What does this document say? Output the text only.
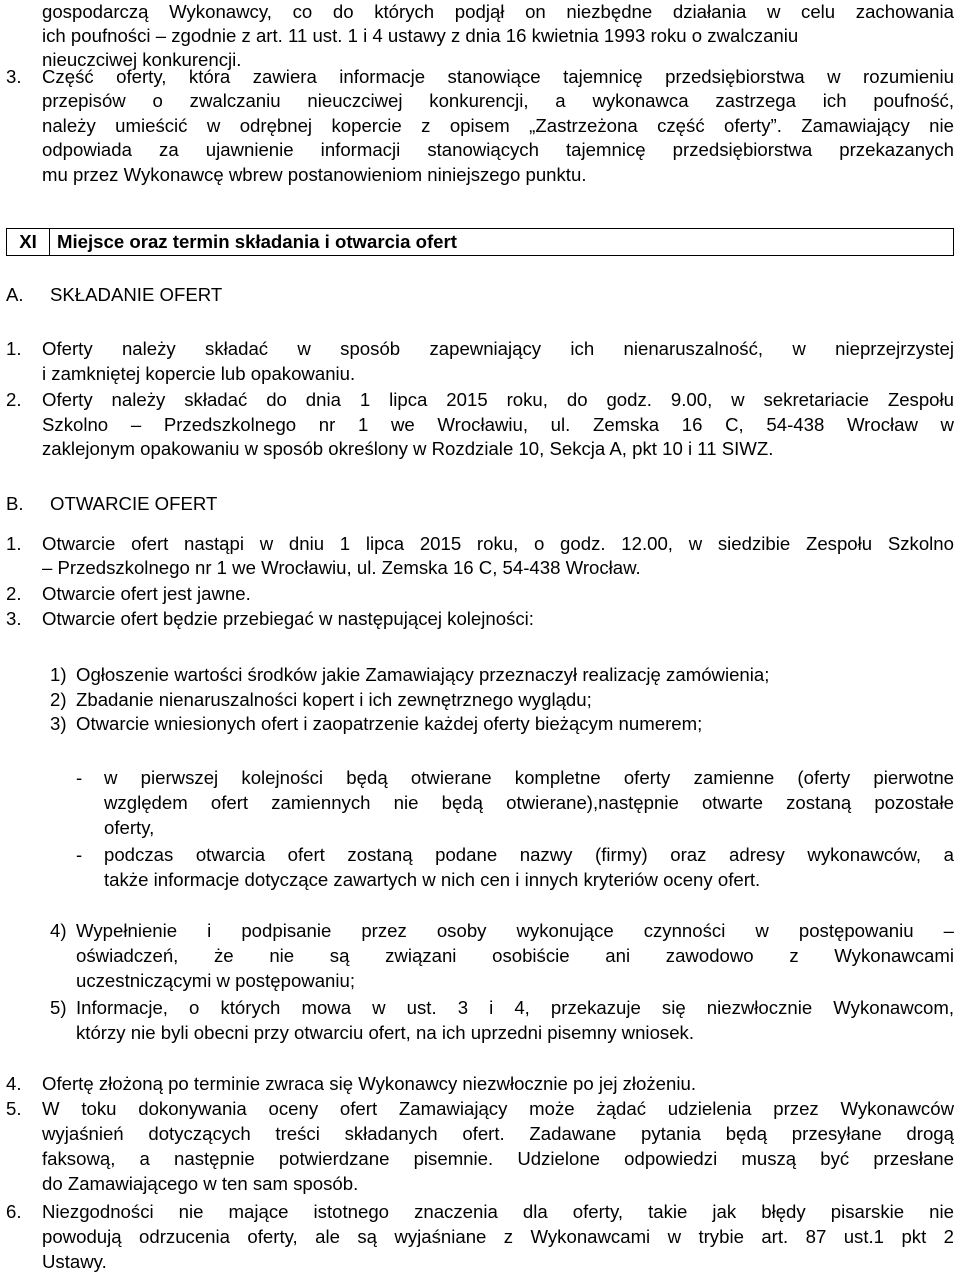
XI	Miejsce oraz termin składania i otwarcia ofert
gospodarczą Wykonawcy, co do których podjął on niezbędne działania w celu zachowania
ich poufności – zgodnie z art. 11 ust. 1 i 4 ustawy z dnia 16 kwietnia 1993 roku o zwalczaniu
nieuczciwej konkurencji.
3. Część oferty, która zawiera informacje stanowiące tajemnicę przedsiębiorstwa w rozumieniu
przepisów o zwalczaniu nieuczciwej konkurencji, a wykonawca zastrzega ich poufność,
należy umieścić w odrębnej kopercie z opisem „Zastrzeżona część oferty”. Zamawiający nie
odpowiada za ujawnienie informacji stanowiących tajemnicę przedsiębiorstwa przekazanych
mu przez Wykonawcę wbrew postanowieniom niniejszego punktu.
A. SKŁADANIE OFERT
1. Oferty należy składać w sposób zapewniający ich nienaruszalność, w nieprzejrzystej
i zamkniętej kopercie lub opakowaniu.
2. Oferty należy składać do dnia 1 lipca 2015 roku, do godz. 9.00, w sekretariacie Zespołu
Szkolno – Przedszkolnego nr 1 we Wrocławiu, ul. Zemska 16 C, 54-438 Wrocław w
zaklejonym opakowaniu w sposób określony w Rozdziale 10, Sekcja A, pkt 10 i 11 SIWZ.
B. OTWARCIE OFERT
1. Otwarcie ofert nastąpi w dniu 1 lipca 2015 roku, o godz. 12.00, w siedzibie Zespołu Szkolno
– Przedszkolnego nr 1 we Wrocławiu, ul. Zemska 16 C, 54-438 Wrocław.
2. Otwarcie ofert jest jawne.
3. Otwarcie ofert będzie przebiegać w następującej kolejności:
1) Ogłoszenie wartości środków jakie Zamawiający przeznaczył realizację zamówienia;
2) Zbadanie nienaruszalności kopert i ich zewnętrznego wyglądu;
3) Otwarcie wniesionych ofert i zaopatrzenie każdej oferty bieżącym numerem;
- w pierwszej kolejności będą otwierane kompletne oferty zamienne (oferty pierwotne
względem ofert zamiennych nie będą otwierane),następnie otwarte zostaną pozostałe
oferty,
- podczas otwarcia ofert zostaną podane nazwy (firmy) oraz adresy wykonawców, a
także informacje dotyczące zawartych w nich cen i innych kryteriów oceny ofert.
4) Wypełnienie i podpisanie przez osoby wykonujące czynności w postępowaniu –
oświadczeń, że nie są związani osobiście ani zawodowo z Wykonawcami
uczestniczącymi w postępowaniu;
5) Informacje, o których mowa w ust. 3 i 4, przekazuje się niezwłocznie Wykonawcom,
którzy nie byli obecni przy otwarciu ofert, na ich uprzedni pisemny wniosek.
4. Ofertę złożoną po terminie zwraca się Wykonawcy niezwłocznie po jej złożeniu.
5. W toku dokonywania oceny ofert Zamawiający może żądać udzielenia przez Wykonawców
wyjaśnień dotyczących treści składanych ofert. Zadawane pytania będą przesyłane drogą
faksową, a następnie potwierdzane pisemnie. Udzielone odpowiedzi muszą być przesłane
do Zamawiającego w ten sam sposób.
6. Niezgodności nie mające istotnego znaczenia dla oferty, takie jak błędy pisarskie nie
powodują odrzucenia oferty, ale są wyjaśniane z Wykonawcami w trybie art. 87 ust.1 pkt 2
Ustawy.
